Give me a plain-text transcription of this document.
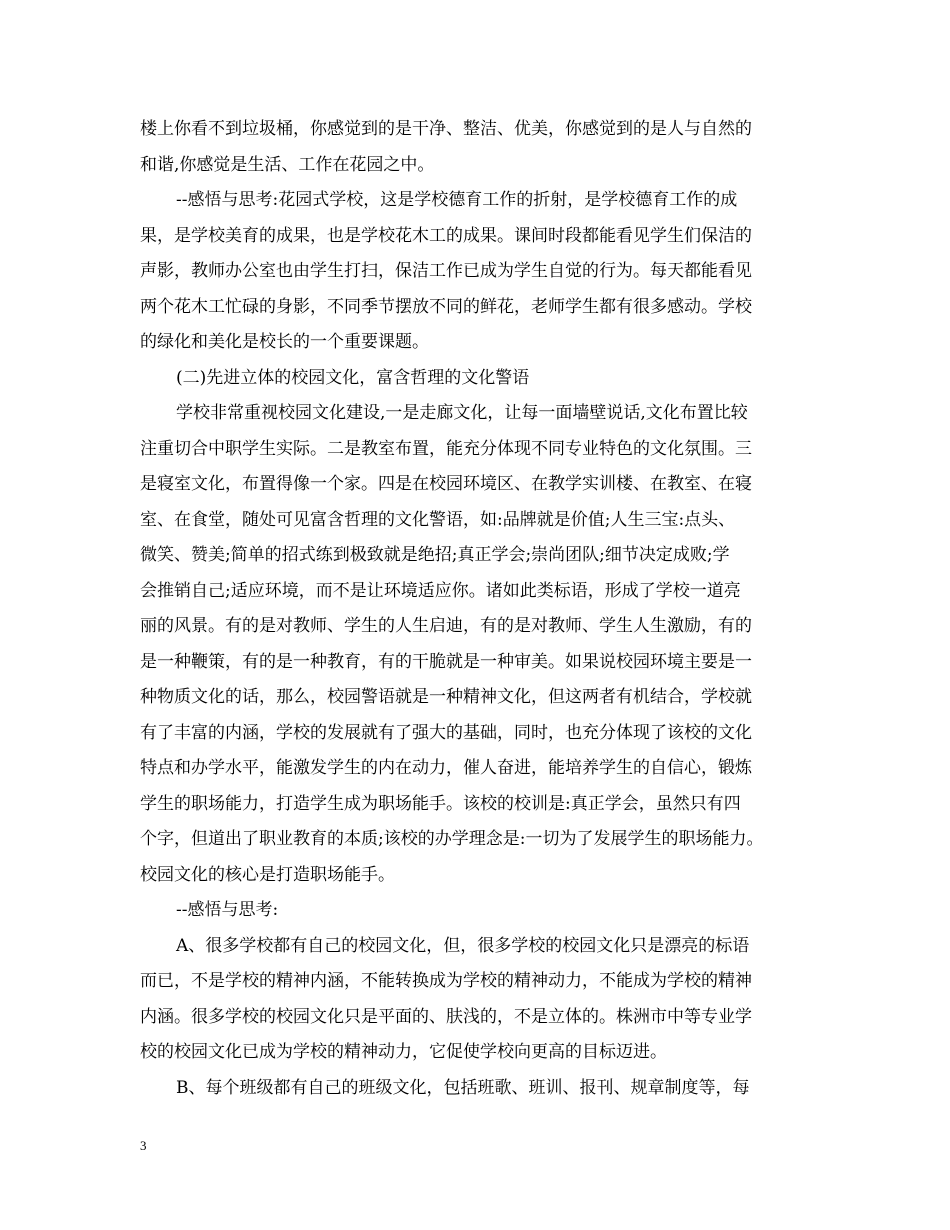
楼上你看不到垃圾桶，你感觉到的是干净、整洁、优美，你感觉到的是人与自然的
和谐,你感觉是生活、工作在花园之中。
--感悟与思考:花园式学校，这是学校德育工作的折射，是学校德育工作的成
果，是学校美育的成果，也是学校花木工的成果。课间时段都能看见学生们保洁的
声影，教师办公室也由学生打扫，保洁工作已成为学生自觉的行为。每天都能看见
两个花木工忙碌的身影，不同季节摆放不同的鲜花，老师学生都有很多感动。学校
的绿化和美化是校长的一个重要课题。
(二)先进立体的校园文化，富含哲理的文化警语
学校非常重视校园文化建设,一是走廊文化，让每一面墙壁说话,文化布置比较
注重切合中职学生实际。二是教室布置，能充分体现不同专业特色的文化氛围。三
是寝室文化，布置得像一个家。四是在校园环境区、在教学实训楼、在教室、在寝
室、在食堂，随处可见富含哲理的文化警语，如:品牌就是价值;人生三宝:点头、
微笑、赞美;简单的招式练到极致就是绝招;真正学会;崇尚团队;细节决定成败;学
会推销自己;适应环境，而不是让环境适应你。诸如此类标语，形成了学校一道亮
丽的风景。有的是对教师、学生的人生启迪，有的是对教师、学生人生激励，有的
是一种鞭策，有的是一种教育，有的干脆就是一种审美。如果说校园环境主要是一
种物质文化的话，那么，校园警语就是一种精神文化，但这两者有机结合，学校就
有了丰富的内涵，学校的发展就有了强大的基础，同时，也充分体现了该校的文化
特点和办学水平，能激发学生的内在动力，催人奋进，能培养学生的自信心，锻炼
学生的职场能力，打造学生成为职场能手。该校的校训是:真正学会，虽然只有四
个字，但道出了职业教育的本质;该校的办学理念是:一切为了发展学生的职场能力。
校园文化的核心是打造职场能手。
--感悟与思考:
A、很多学校都有自己的校园文化，但，很多学校的校园文化只是漂亮的标语
而已，不是学校的精神内涵，不能转换成为学校的精神动力，不能成为学校的精神
内涵。很多学校的校园文化只是平面的、肤浅的，不是立体的。株洲市中等专业学
校的校园文化已成为学校的精神动力，它促使学校向更高的目标迈进。
B、每个班级都有自己的班级文化，包括班歌、班训、报刊、规章制度等，每
3
